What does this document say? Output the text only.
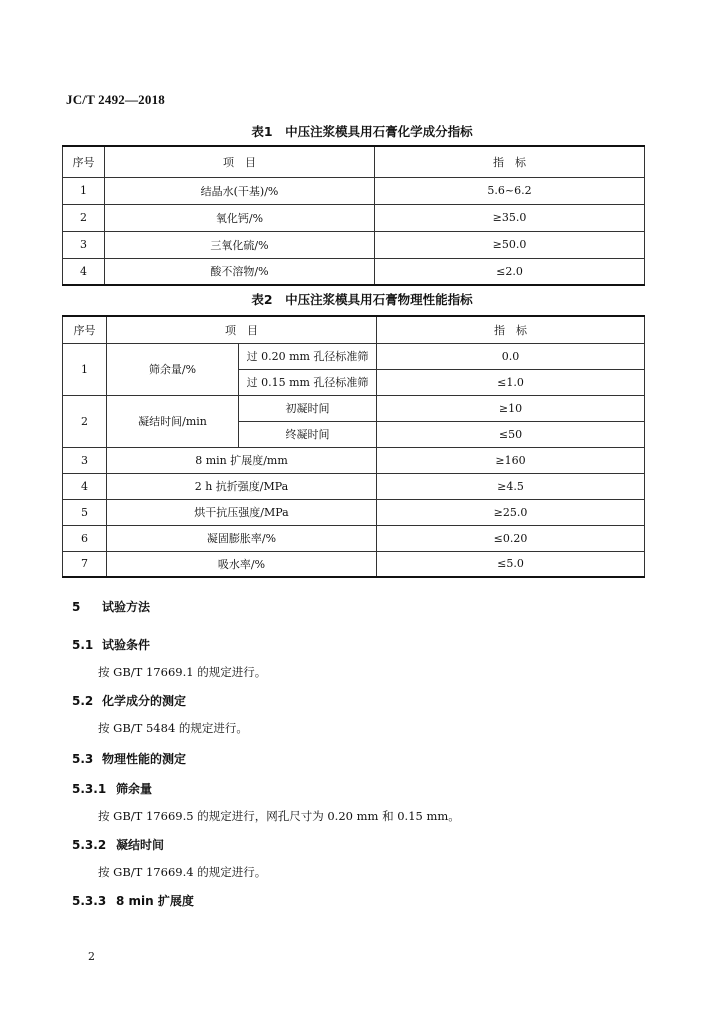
JC/T 2492—2018
表1　中压注浆模具用石膏化学成分指标
序号	项　目	指　标
1	结晶水(干基)/%	5.6~6.2
2	氧化钙/%	≥35.0
3	三氧化硫/%	≥50.0
4	酸不溶物/%	≤2.0
表2　中压注浆模具用石膏物理性能指标
序号	项　目		指　标
1	筛余量/%	过 0.20 mm 孔径标准筛	0.0
		过 0.15 mm 孔径标准筛	≤1.0
2	凝结时间/min	初凝时间	≥10
		终凝时间	≤50
3	8 min 扩展度/mm		≥160
4	2 h 抗折强度/MPa		≥4.5
5	烘干抗压强度/MPa		≥25.0
6	凝固膨胀率/%		≤0.20
7	吸水率/%		≤5.0
5 试验方法
5.1 试验条件
按 GB/T 17669.1 的规定进行。
5.2 化学成分的测定
按 GB/T 5484 的规定进行。
5.3 物理性能的测定
5.3.1 筛余量
按 GB/T 17669.5 的规定进行，网孔尺寸为 0.20 mm 和 0.15 mm。
5.3.2 凝结时间
按 GB/T 17669.4 的规定进行。
5.3.3 8 min 扩展度
2
